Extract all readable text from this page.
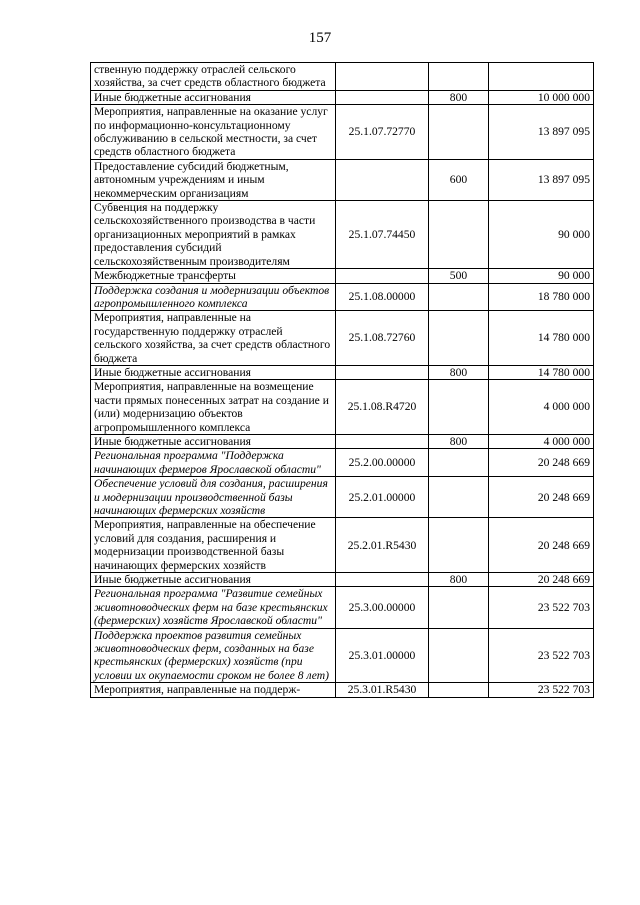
157
ственную поддержку отраслей сельского хозяйства, за счет средств областного бюджета			
Иные бюджетные ассигнования		800	10 000 000
Мероприятия, направленные на оказание услуг по информационно-консультационному обслуживанию в сельской местности, за счет средств областного бюджета	25.1.07.72770		13 897 095
Предоставление субсидий бюджетным, автономным учреждениям и иным некоммерческим организациям		600	13 897 095
Субвенция на поддержку сельскохозяйственного производства в части организационных мероприятий в рамках предоставления субсидий сельскохозяйственным производителям	25.1.07.74450		90 000
Межбюджетные трансферты		500	90 000
Поддержка создания и модернизации объектов агропромышленного комплекса	25.1.08.00000		18 780 000
Мероприятия, направленные на государственную поддержку отраслей сельского хозяйства, за счет средств областного бюджета	25.1.08.72760		14 780 000
Иные бюджетные ассигнования		800	14 780 000
Мероприятия, направленные на возмещение части прямых понесенных затрат на создание и (или) модернизацию объектов агропромышленного комплекса	25.1.08.R4720		4 000 000
Иные бюджетные ассигнования		800	4 000 000
Региональная программа "Поддержка начинающих фермеров Ярославской области"	25.2.00.00000		20 248 669
Обеспечение условий для создания, расширения и модернизации производственной базы начинающих фермерских хозяйств	25.2.01.00000		20 248 669
Мероприятия, направленные на обеспечение условий для создания, расширения и модернизации производственной базы начинающих фермерских хозяйств	25.2.01.R5430		20 248 669
Иные бюджетные ассигнования		800	20 248 669
Региональная программа "Развитие семейных животноводческих ферм на базе крестьянских (фермерских) хозяйств Ярославской области"	25.3.00.00000		23 522 703
Поддержка проектов развития семейных животноводческих ферм, созданных на базе крестьянских (фермерских) хозяйств (при условии их окупаемости сроком не более 8 лет)	25.3.01.00000		23 522 703
Мероприятия, направленные на поддерж-	25.3.01.R5430		23 522 703
